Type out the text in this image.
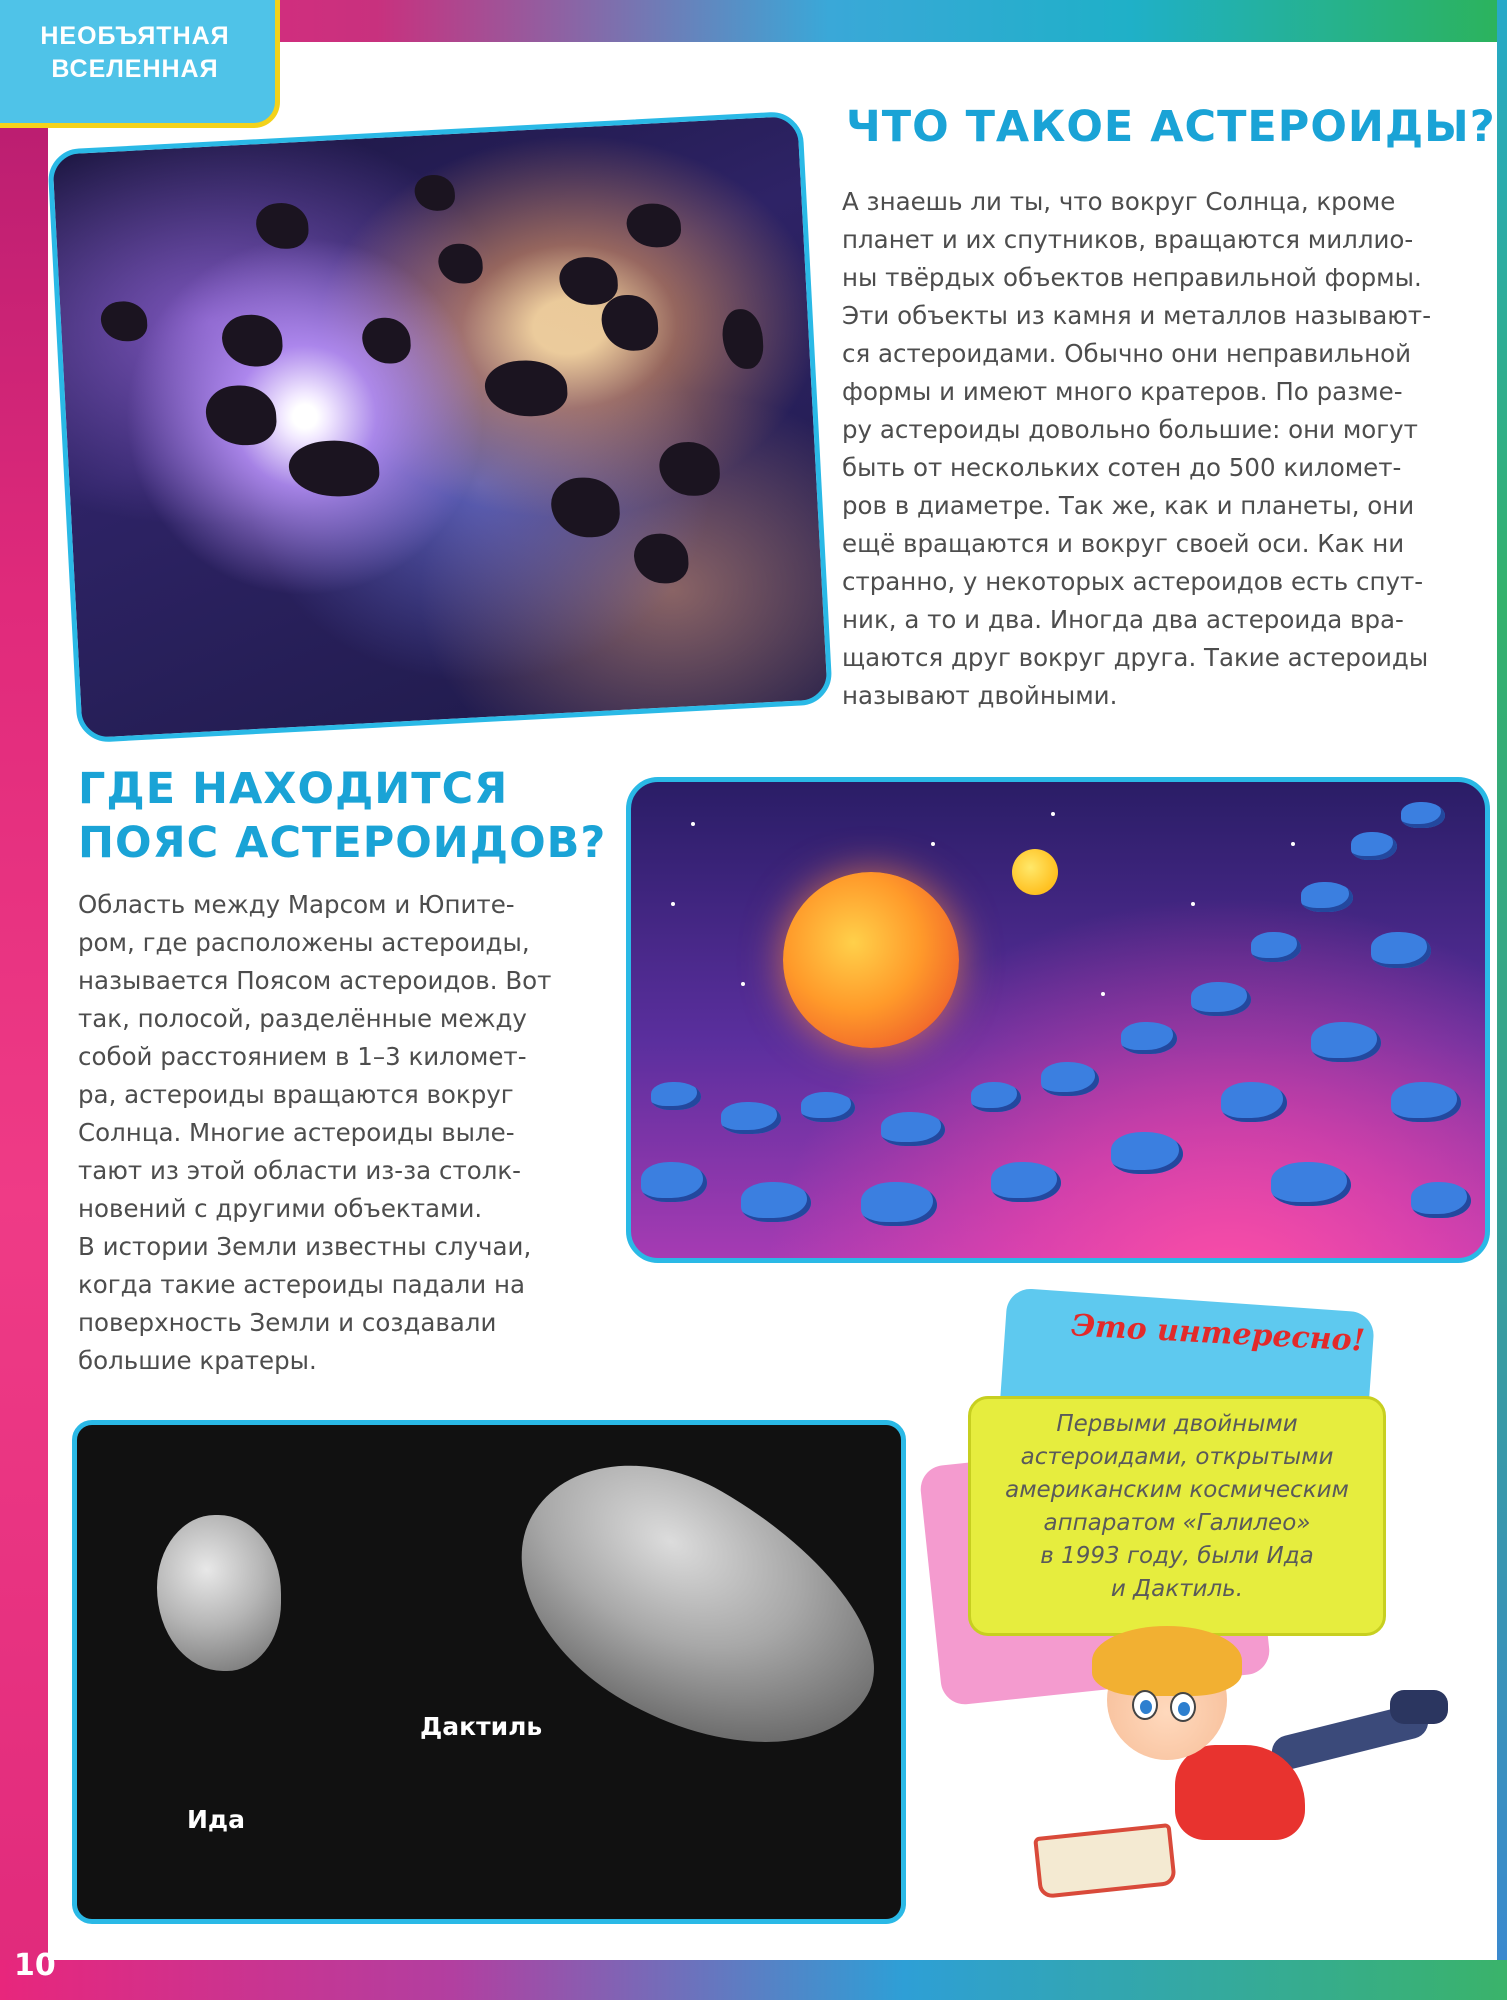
НЕОБЪЯТНАЯ
ВСЕЛЕННАЯ
ЧТО ТАКОЕ АСТЕРОИДЫ?
А знаешь ли ты, что вокруг Солнца, кроме
планет и их спутников, вращаются миллио-
ны твёрдых объектов неправильной формы.
Эти объекты из камня и металлов называют-
ся астероидами. Обычно они неправильной
формы и имеют много кратеров. По разме-
ру астероиды довольно большие: они могут
быть от нескольких сотен до 500 километ-
ров в диаметре. Так же, как и планеты, они
ещё вращаются и вокруг своей оси. Как ни
странно, у некоторых астероидов есть спут-
ник, а то и два. Иногда два астероида вра-
щаются друг вокруг друга. Такие астероиды
называют двойными.
ГДЕ НАХОДИТСЯ
ПОЯС АСТЕРОИДОВ?
Область между Марсом и Юпите-
ром, где расположены астероиды,
называется Поясом астероидов. Вот
так, полосой, разделённые между
собой расстоянием в 1–3 километ-
ра, астероиды вращаются вокруг
Солнца. Многие астероиды выле-
тают из этой области из-за столк-
новений с другими объектами.
В истории Земли известны случаи,
когда такие астероиды падали на
поверхность Земли и создавали
большие кратеры.
Дактиль
Ида
Это интересно!
Первыми двойными
астероидами, открытыми
американским космическим
аппаратом «Галилео»
в 1993 году, были Ида
и Дактиль.
10
